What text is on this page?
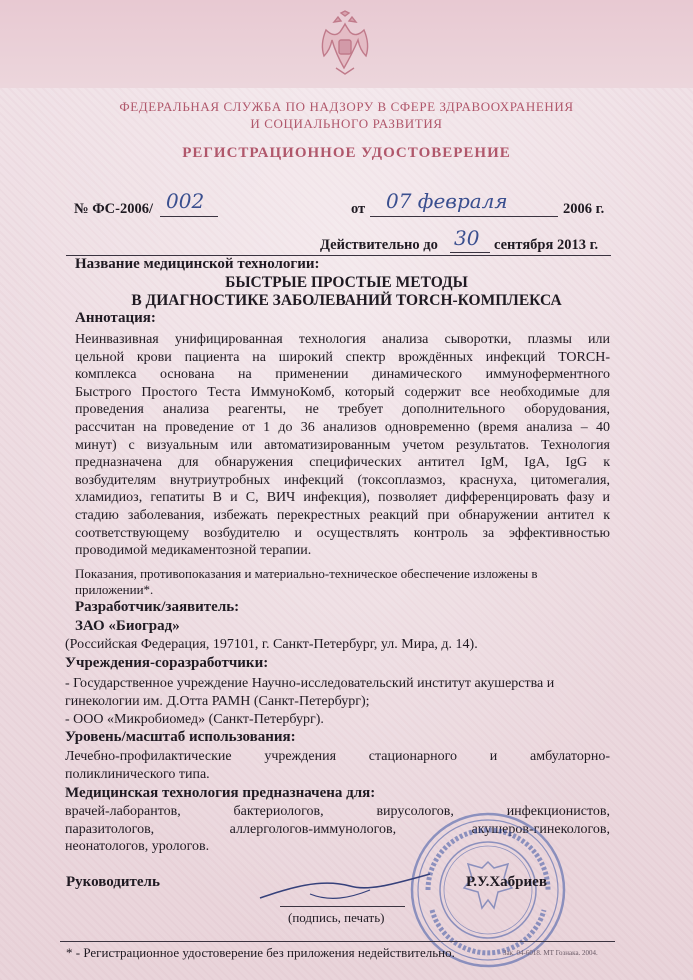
ФЕДЕРАЛЬНАЯ СЛУЖБА ПО НАДЗОРУ В СФЕРЕ ЗДРАВООХРАНЕНИЯ
И СОЦИАЛЬНОГО РАЗВИТИЯ
РЕГИСТРАЦИОННОЕ УДОСТОВЕРЕНИЕ
№ ФС-2006/ 002	от 07 февраля	2006 г.
Действительно до 30 сентября 2013 г.
Название медицинской технологии:
БЫСТРЫЕ ПРОСТЫЕ МЕТОДЫ
В ДИАГНОСТИКЕ ЗАБОЛЕВАНИЙ TORCH-КОМПЛЕКСА
Аннотация:
Неинвазивная унифицированная технология анализа сыворотки, плазмы или
цельной крови пациента на широкий спектр врождённых инфекций TORCH-
комплекса основана на применении динамического иммуноферментного
Быстрого Простого Теста ИммуноКомб, который содержит все необходимые для
проведения анализа реагенты, не требует дополнительного оборудования,
рассчитан на проведение от 1 до 36 анализов одновременно (время анализа – 40
минут) с визуальным или автоматизированным учетом результатов. Технология
предназначена для обнаружения специфических антител IgM, IgA, IgG к
возбудителям внутриутробных инфекций (токсоплазмоз, краснуха, цитомегалия,
хламидиоз, гепатиты В и С, ВИЧ инфекция), позволяет дифференцировать фазу и
стадию заболевания, избежать перекрестных реакций при обнаружении антител к
соответствующему возбудителю и осуществлять контроль за эффективностью
проводимой медикаментозной терапии.
Показания, противопоказания и материально-техническое обеспечение изложены в
приложении*.
Разработчик/заявитель:
ЗАО «Биоград»
(Российская Федерация, 197101, г. Санкт-Петербург, ул. Мира, д. 14).
Учреждения-соразработчики:
- Государственное учреждение Научно-исследовательский институт акушерства и
гинекологии им. Д.Отта РАМН (Санкт-Петербург);
- ООО «Микробиомед» (Санкт-Петербург).
Уровень/масштаб использования:
Лечебно-профилактические учреждения стационарного и амбулаторно-
поликлинического типа.
Медицинская технология предназначена для:
врачей-лаборантов, бактериологов, вирусологов, инфекционистов,
паразитологов, аллергологов-иммунологов, акушеров-гинекологов,
неонатологов, урологов.
Руководитель	Р.У.Хабриев
(подпись, печать)
* - Регистрационное удостоверение без приложения недействительно.	Зак. 04-6018. МТ Гознака. 2004.
